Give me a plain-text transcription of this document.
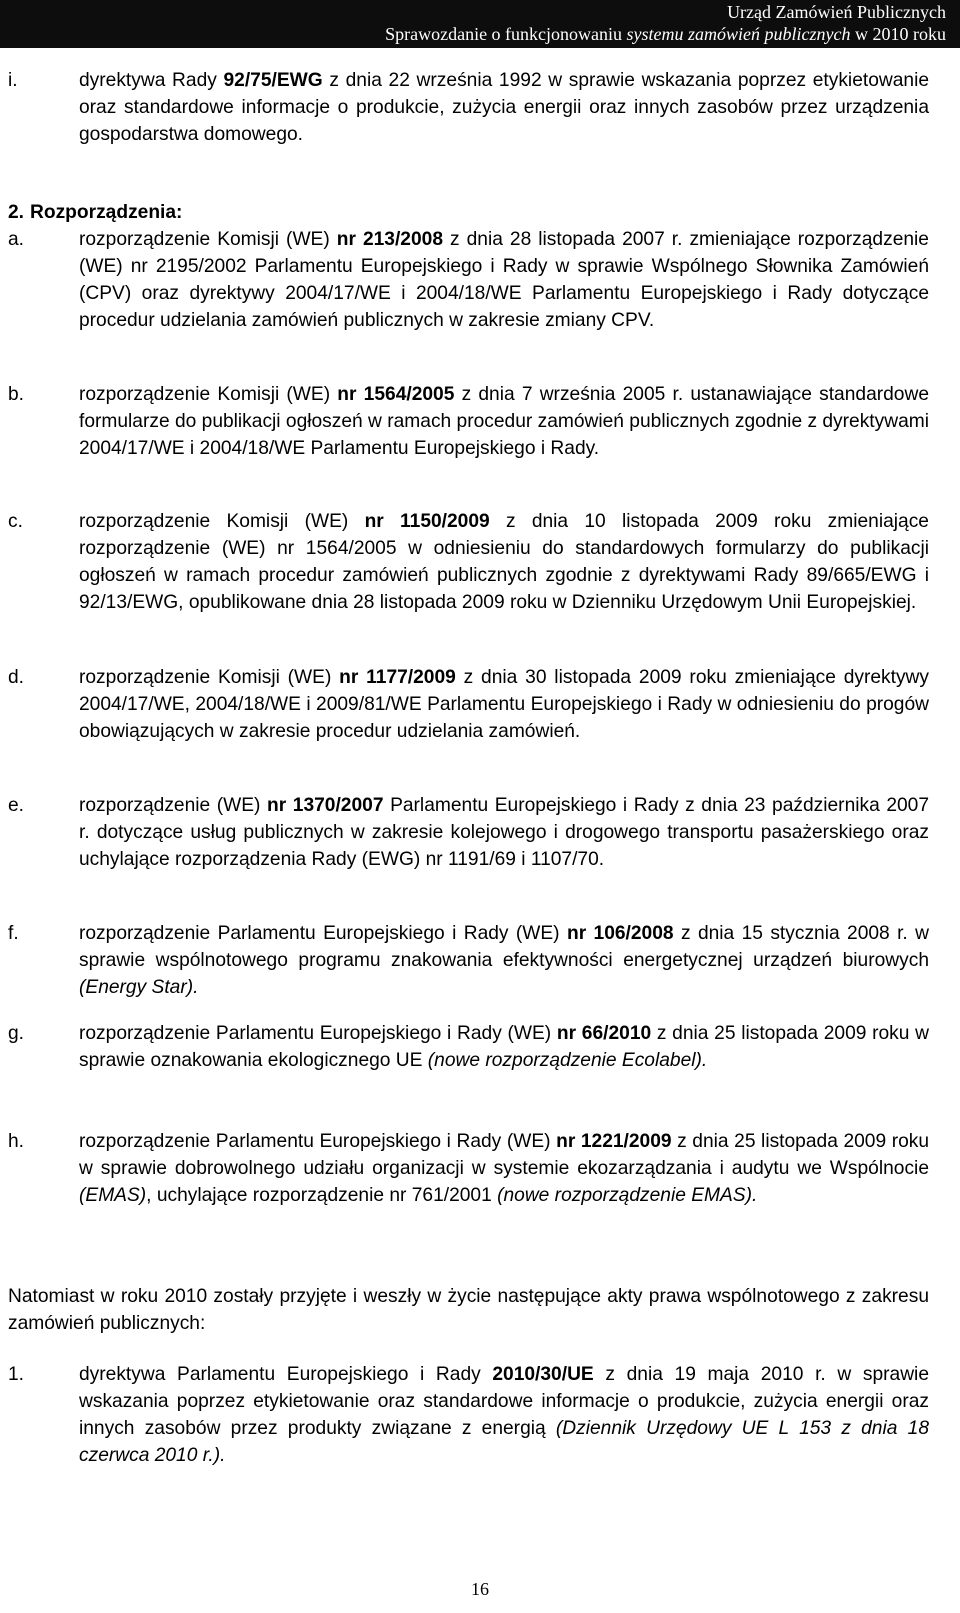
Urząd Zamówień Publicznych
Sprawozdanie o funkcjonowaniu systemu zamówień publicznych w 2010 roku
i.	dyrektywa Rady 92/75/EWG z dnia 22 września 1992 w sprawie wskazania poprzez etykietowanie oraz standardowe informacje o produkcie, zużycia energii oraz innych zasobów przez urządzenia gospodarstwa domowego.
2. Rozporządzenia:
a.	rozporządzenie Komisji (WE) nr 213/2008 z dnia 28 listopada 2007 r. zmieniające rozporządzenie (WE) nr 2195/2002 Parlamentu Europejskiego i Rady w sprawie Wspólnego Słownika Zamówień (CPV) oraz dyrektywy 2004/17/WE i 2004/18/WE Parlamentu Europejskiego i Rady dotyczące procedur udzielania zamówień publicznych w zakresie zmiany CPV.
b.	rozporządzenie Komisji (WE) nr 1564/2005 z dnia 7 września 2005 r. ustanawiające standardowe formularze do publikacji ogłoszeń w ramach procedur zamówień publicznych zgodnie z dyrektywami 2004/17/WE i 2004/18/WE Parlamentu Europejskiego i Rady.
c.	rozporządzenie Komisji (WE) nr 1150/2009 z dnia 10 listopada 2009 roku zmieniające rozporządzenie (WE) nr 1564/2005 w odniesieniu do standardowych formularzy do publikacji ogłoszeń w ramach procedur zamówień publicznych zgodnie z dyrektywami Rady 89/665/EWG i 92/13/EWG, opublikowane dnia 28 listopada 2009 roku w Dzienniku Urzędowym Unii Europejskiej.
d.	rozporządzenie Komisji (WE) nr 1177/2009 z dnia 30 listopada 2009 roku zmieniające dyrektywy 2004/17/WE, 2004/18/WE i 2009/81/WE Parlamentu Europejskiego i Rady w odniesieniu do progów obowiązujących w zakresie procedur udzielania zamówień.
e.	rozporządzenie (WE) nr 1370/2007 Parlamentu Europejskiego i Rady z dnia 23 października 2007 r. dotyczące usług publicznych w zakresie kolejowego i drogowego transportu pasażerskiego oraz uchylające rozporządzenia Rady (EWG) nr 1191/69 i 1107/70.
f.	rozporządzenie Parlamentu Europejskiego i Rady (WE) nr 106/2008 z dnia 15 stycznia 2008 r. w sprawie wspólnotowego programu znakowania efektywności energetycznej urządzeń biurowych (Energy Star).
g.	rozporządzenie Parlamentu Europejskiego i Rady (WE) nr 66/2010 z dnia 25 listopada 2009 roku w sprawie oznakowania ekologicznego UE (nowe rozporządzenie Ecolabel).
h.	rozporządzenie Parlamentu Europejskiego i Rady (WE) nr 1221/2009 z dnia 25 listopada 2009 roku w sprawie dobrowolnego udziału organizacji w systemie ekozarządzania i audytu we Wspólnocie (EMAS), uchylające rozporządzenie nr 761/2001 (nowe rozporządzenie EMAS).
Natomiast w roku 2010 zostały przyjęte i weszły w życie następujące akty prawa wspólnotowego z zakresu zamówień publicznych:
1.	dyrektywa Parlamentu Europejskiego i Rady 2010/30/UE z dnia 19 maja 2010 r. w sprawie wskazania poprzez etykietowanie oraz standardowe informacje o produkcie, zużycia energii oraz innych zasobów przez produkty związane z energią (Dziennik Urzędowy UE L 153 z dnia 18 czerwca 2010 r.).
16
